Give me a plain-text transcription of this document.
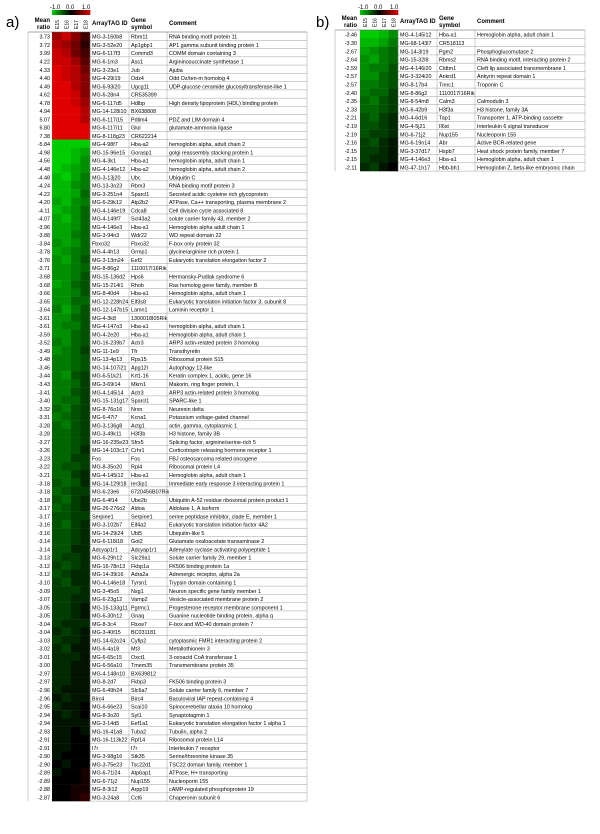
a)	b)
-1.0 0.0 1.0
Mean
ratio E15 E16 E17 E18 ArrayTAG ID Gene
symbol
Comment
3.73	MG-3-160b8 Rbm11	RNA binding motif protein 11
3.72	MG-3-52e20 Ap1gbp1	AP1 gamma subunit binding protein 1
3.99	MG-6-117f3 Commd3	COMM domain containing 3
4.22	MG-6-1m3 Ass1	Argininosuccinate synthetase 1
4.33	MG-3-23e1 Jub	Ajuba
4.40	MG-4-29i19 Odz4	Odd Oz/ten-m homolog 4
4.49	MG-6-93i20 Ugcg11	UDP-glucose ceramide glucosyltransferase-like 1
4.62	MG-6-28n4 CR535399
4.78	MG-6-117d5 Hdlbp	High density lipoprotein (HDL) binding protein
4.94	MG-14-128i10 BX638808
5.07	MG-6-117i15 Pdlim4	PDZ and LIM domain 4
6.80	MG-6-117i11 Glul	glutamate-ammonia ligase
7.38	MG-8-118g23 CR622214
-5.84	MG-4-98f7 Hba-a2	hemoglobin alpha, adult chain 2
-4.98	MG-15-96e15 Gorasp1	golgi reassembly stacking protein 1
-4.56	MG-4-3k1	Hba-a1	hemoglobin alpha, adult chain 1
-4.48	MG-4-146e12 Hba-a2	hemoglobin alpha, adult chain 2
-4.48	MG-3-13j20 Ubc	Ubiquitin C
-4.24	MG-13-3o23 Rbm3	RNA binding motif protein 3
-4.22	MG-3-251n4 Sparcl1	Secreted acidic cysteine rich glycoprotein
-4.20	MG-6-29k12 Atp2b2	ATPase, Ca++ transporting, plasma membrane 2
-4.11	MG-4-146e19 Cdca8	Cell division cycle associated 8
-4.07	MG-4-149f7 Scl43a2	solute carrier family 43, member 2
-3.96	MG-4-146e3 Hba-a1	Hemoglobin alpha adult chain 1
-3.88	MG-3-94n3 Wdr22	WD repeat domain 22
-3.84	Fbxo32	Fbxo32	F-box only protein 32
-3.78	MG-4-4h13 Grmp1	glycine/arginine rich protein 1
-3.76	MG-3-13m24 Eef2	Eukaryotic translation elongation factor 2
-3.71	MG-8-86g2 1110017I16Rik
-3.68	MG-15-136d2 Hps6	Hermansky-Pudlak syndrome 6
-3.68	MG-15-214i1 Rhob	Ras homolog gene family, member B
-3.66	MG-8-40d4 Hba-a1	Hemoglobin alpha, adult chain 1
-3.65	MG-12-228h24 Eif3s8	Eukaryotic translation initiation factor 3, subunit 8
-3.64	MG-12-147b15 Lamn1	Laminin receptor 1
-3.61	MG-4-3k8	1300018I05Rik
-3.61	MG-4-147o3 Hba-a1	hemoglobin alpha, adult chain 1
-3.59	MG-4-2e20 Hba-a1	Hemoglobin alpha, adult chain 1
-3.52	MG-16-239b7 Actr3	ARP3 actin-related protein 3 homolog
-3.49	MG-11-1e9 Tfr	Transthyretin
-3.48	MG-13-4p13 Rps15	Ribosomal protein S15
-3.46	MG-14-107i21 Apg12l	Autophagy 12-like
-3.44	MG-6-51k21 Krt1-16	Keratin complex 1, acidic, gene 16
-3.43	MG-3-69i14 Mkrn1	Makorin, ring finger protein, 1
-3.41	MG-4-145i14 Actr3	ARP3 actin-related protein 3 homolog
-3.40	MG-15-131g17 Sparcl1	SPARC-like 1
-3.32	MG-8-76o16 Nrxn	Neurexin delta
-3.31	MG-6-47i7	Kcna1	Potassium voltage-gated channel
-3.28	MG-3-136g8 Actg1	actin, gamma, cytoplasmic 1
-3.28	MG-3-49k11 H3f3b	H3 histone, family 3B
-3.27	MG-16-235e23 Sfrs5	Splicing factor, arginine/serine-rich 5
-3.26	MG-14-103c17 Crhr1	Corticotropin releasing hormone receptor 1
-3.23	Fos	Fos	FBJ osteosarcoma related oncogene
-3.22	MG-8-35o20 Rpl4	Ribosomal protein L4
-3.21	MG-4-145i12 Hba-a1	Hemoglobin alpha, adult chain 1
-3.18	MG-14-129l18 Ier3ip1	Immediate early response 3 interacting protein 1
-3.18	MG-6-23e6 6720456B07Rik
-3.18	MG-6-4f14 Ube2b	Ubiquitin A-52 residue ribosomal protein product 1
-3.17	MG-26-276o2 Aldoa	Aldolase 1, A isoform
-3.17	Serpine1	Serpine1	serine peptidase inhibitor, clade E, member 1
-3.16	MG-3-102b7 Eif4a2	Eukaryotic translation initiation factor 4A2
-3.16	MG-14-29i24 Ubl5	Ubiquitin-like 5
-3.14	MG-6-118i18 Got2	Glutamate oxaloacetate transaminase 2
-3.14	Adcyap1r1 Adcyap1r1 Adenylate cyclase activating polypeptide 1
-3.13	MG-6-29h12 Slc29a1	Solute carrier family 29, member 1
-3.12	MG-16-78n13 Fkbp1a	FK506 binding protein 1a
-3.12	MG-14-39i16 Adra2a	Adrenergic receptor, alpha 2a
-3.10	MG-4-146e18 Tyrsn1	Trypsin domain containing 1
-3.09	MG-3-45o5 Nsg1	Neuron specific gene family member 1
-3.07	MG-6-23g12 Vamp2	Vesicle-associated membrane protein 2
-3.05	MG-15-133g11 Pgrmc1	Progesterone receptor membrane component 1
-3.05	MG-6-30h12 Gnaq	Guanine nucleotide binding protein, alpha q
-3.04	MG-8-3c4	Fbxw7	F-box and WD-40 domain protein 7
-3.04	MG-3-40f15 BC031181
-3.03	MG-14-62o24 Cyfip2	cytoplasmic FMR1 interacting protein 2
-3.02	MG-6-4a18 Mt3	Metallothionein 3
-3.01	MG-6-65c15 Oxct1	3-oxoacid CoA transferase 1
-3.00	MG-6-56a10 Tmem35	Transmembrane protein 35
-2.97	MG-4-148n10 BX639812
-2.97	MG-8-2d7	Fkbp3	FK506 binding protein 3
-2.96	MG-6-49h24 Slc6a7	Solute carrier family 6, member 7
-2.96	Birc4	Birc4	Baculoviral IAP repeat-containing 4
-2.95	MG-6-66e23 Scai10	Spinocerebellar ataxia 10 homolog
-2.94	MG-8-3o20 Syt1	Synaptotagmin 1
-2.94	MG-3-14d5 Eef1a1	Eukaryotic translation elongation factor 1 alpha 1
-2.93	MG-16-41a8 Tuba2	Tubulin, alpha 2
-2.91	MG-16-113k22 Rpl14	Ribosomal protein L14
-2.91	I7r	I7r	Interleukin 7 receptor
-2.90	MG-3-98g16 Stk35	Serine/threonine kinase 35
-2.90	MG-3-75e23 Tsc22d1	TSC22 domain family, member 1
-2.89	MG-6-71l24 Atp6ap1	ATPase, H+ transporting
-2.89	MG-6-71j2	Nup155	Nucleoporin 155
-2.88	MG-8-3i12	Arpp19	cAMP-regulated phosphoprotein 19
-2.87	MG-3-24a8 Cct6	Chaperonin subunit 6
-1.0 0.0 1.0
Mean
ratio E15 E16 E17 E18 ArrayTAG ID Gene
symbol
Comment
-3.46	MG-4-145i12 Hba-a1	Hemoglobin alpha, adult chain 1
-3.30	MG-68-143l7 CR518113
-2.67	MG-14-3l19 Pgm2	Phosphoglucomutase 2
-2.64	MG-15-32l8 Rbms2	RNA binding motif, interacting protein 2
-2.59	MG-4-146i20 Cldtm1	Cleft lip associated transmembrane 1
-2.57	MG-3-324i20 Ankrd1	Ankyrin repeat domain 1
-2.57	MG-8-17b4 Tnnc1	Troponin C
-2.40	MG-8-86g2 1110017I16Rik
-2.35	MG-8-54m8 Calm3	Calmodulin 3
-2.33	MG-6-42b9 H3f3a	H3 histone, family 3A
-2.21	MG-4-6d16 Tap1	Transporter 1, ATP-binding cassette
-2.19	MG-4-5j21	Il6st	Interleukin 6 signal transducer
-2.19	MG-6-71j2	Nup155	Nucleoporin 155
-2.16	MG-6-19n14 Abr	Active BCR-related gene
-2.15	MG-3-37d17 Hspb7	Heat shock protein family, member 7
-2.15	MG-4-146e3 Hba-a1	Hemoglobin alpha, adult chain 1
-2.11	MG-47-1h17 Hbb-bh1	Hemoglobin Z, beta-like embryonic chain
